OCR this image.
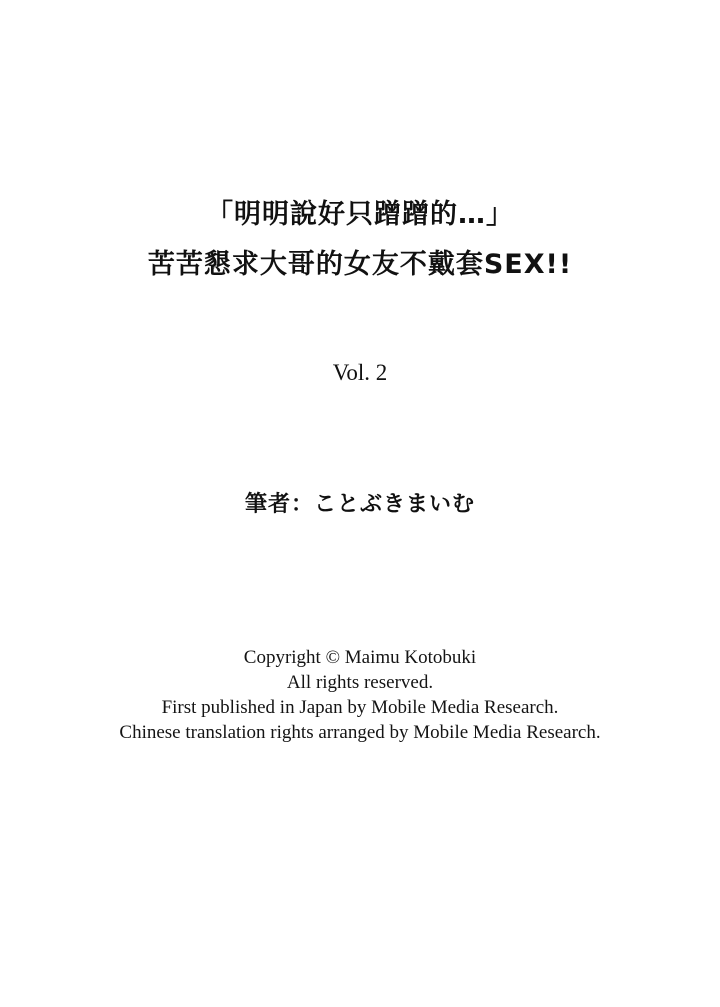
「明明說好只蹭蹭的…」
苦苦懇求大哥的女友不戴套SEX!!
Vol. 2
筆者：ことぶきまいむ
Copyright © Maimu Kotobuki
All rights reserved.
First published in Japan by Mobile Media Research.
Chinese translation rights arranged by Mobile Media Research.
